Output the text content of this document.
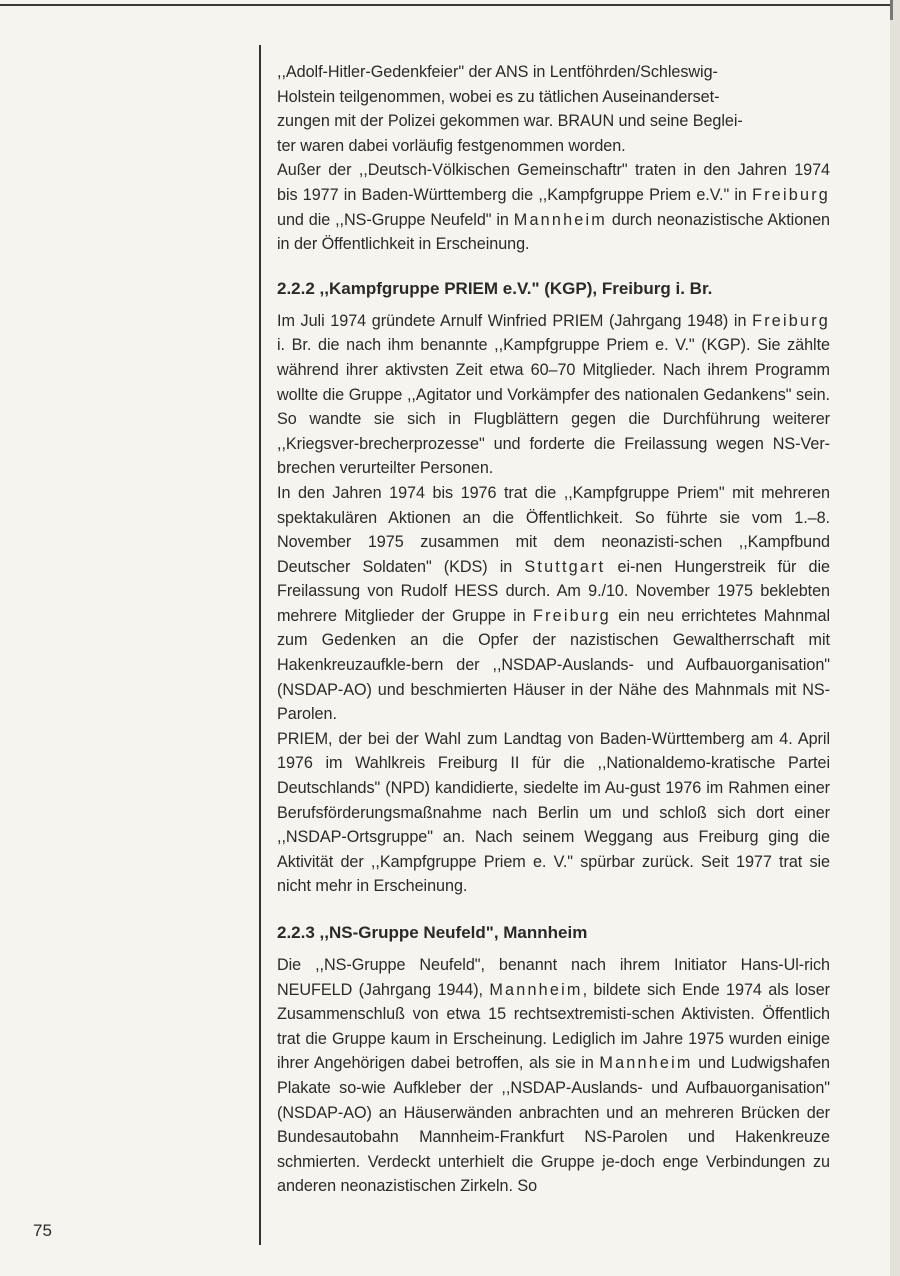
75

,,Adolf-Hitler-Gedenkfeier" der ANS in Lentföhrden/Schleswig-

Holstein teilgenommen, wobei es zu tätlichen Auseinanderset-

zungen mit der Polizei gekommen war. BRAUN und seine Beglei-

ter waren dabei vorläufig festgenommen worden.

Außer der ,,Deutsch-Völkischen Gemeinschaftr" traten in den Jahren 1974 bis 1977 in Baden-Württemberg die ,,Kampfgruppe Priem e.V." in Freiburg und die ,,NS-Gruppe Neufeld" in Mannheim durch neonazistische Aktionen in der Öffentlichkeit in Erscheinung.

2.2.2 ,,Kampfgruppe PRIEM e.V." (KGP), Freiburg i. Br.

Im Juli 1974 gründete Arnulf Winfried PRIEM (Jahrgang 1948) in Freiburg i. Br. die nach ihm benannte ,,Kampfgruppe Priem e. V." (KGP). Sie zählte während ihrer aktivsten Zeit etwa 60–70 Mitglieder. Nach ihrem Programm wollte die Gruppe ,,Agitator und Vorkämpfer des nationalen Gedankens" sein. So wandte sie sich in Flugblättern gegen die Durchführung weiterer ,,Kriegsver-brecherprozesse" und forderte die Freilassung wegen NS-Ver-brechen verurteilter Personen.

In den Jahren 1974 bis 1976 trat die ,,Kampfgruppe Priem" mit mehreren spektakulären Aktionen an die Öffentlichkeit. So führte sie vom 1.–8. November 1975 zusammen mit dem neonazisti-schen ,,Kampfbund Deutscher Soldaten" (KDS) in Stuttgart ei-nen Hungerstreik für die Freilassung von Rudolf HESS durch. Am 9./10. November 1975 beklebten mehrere Mitglieder der Gruppe in Freiburg ein neu errichtetes Mahnmal zum Gedenken an die Opfer der nazistischen Gewaltherrschaft mit Hakenkreuzaufkle-bern der ,,NSDAP-Auslands- und Aufbauorganisation" (NSDAP-AO) und beschmierten Häuser in der Nähe des Mahnmals mit NS-Parolen.

PRIEM, der bei der Wahl zum Landtag von Baden-Württemberg am 4. April 1976 im Wahlkreis Freiburg II für die ,,Nationaldemo-kratische Partei Deutschlands" (NPD) kandidierte, siedelte im Au-gust 1976 im Rahmen einer Berufsförderungsmaßnahme nach Berlin um und schloß sich dort einer ,,NSDAP-Ortsgruppe" an. Nach seinem Weggang aus Freiburg ging die Aktivität der ,,Kampfgruppe Priem e. V." spürbar zurück. Seit 1977 trat sie nicht mehr in Erscheinung.

2.2.3 ,,NS-Gruppe Neufeld", Mannheim

Die ,,NS-Gruppe Neufeld", benannt nach ihrem Initiator Hans-Ul-rich NEUFELD (Jahrgang 1944), Mannheim, bildete sich Ende 1974 als loser Zusammenschluß von etwa 15 rechtsextremisti-schen Aktivisten. Öffentlich trat die Gruppe kaum in Erscheinung. Lediglich im Jahre 1975 wurden einige ihrer Angehörigen dabei betroffen, als sie in Mannheim und Ludwigshafen Plakate so-wie Aufkleber der ,,NSDAP-Auslands- und Aufbauorganisation" (NSDAP-AO) an Häuserwänden anbrachten und an mehreren Brücken der Bundesautobahn Mannheim-Frankfurt NS-Parolen und Hakenkreuze schmierten. Verdeckt unterhielt die Gruppe je-doch enge Verbindungen zu anderen neonazistischen Zirkeln. So
